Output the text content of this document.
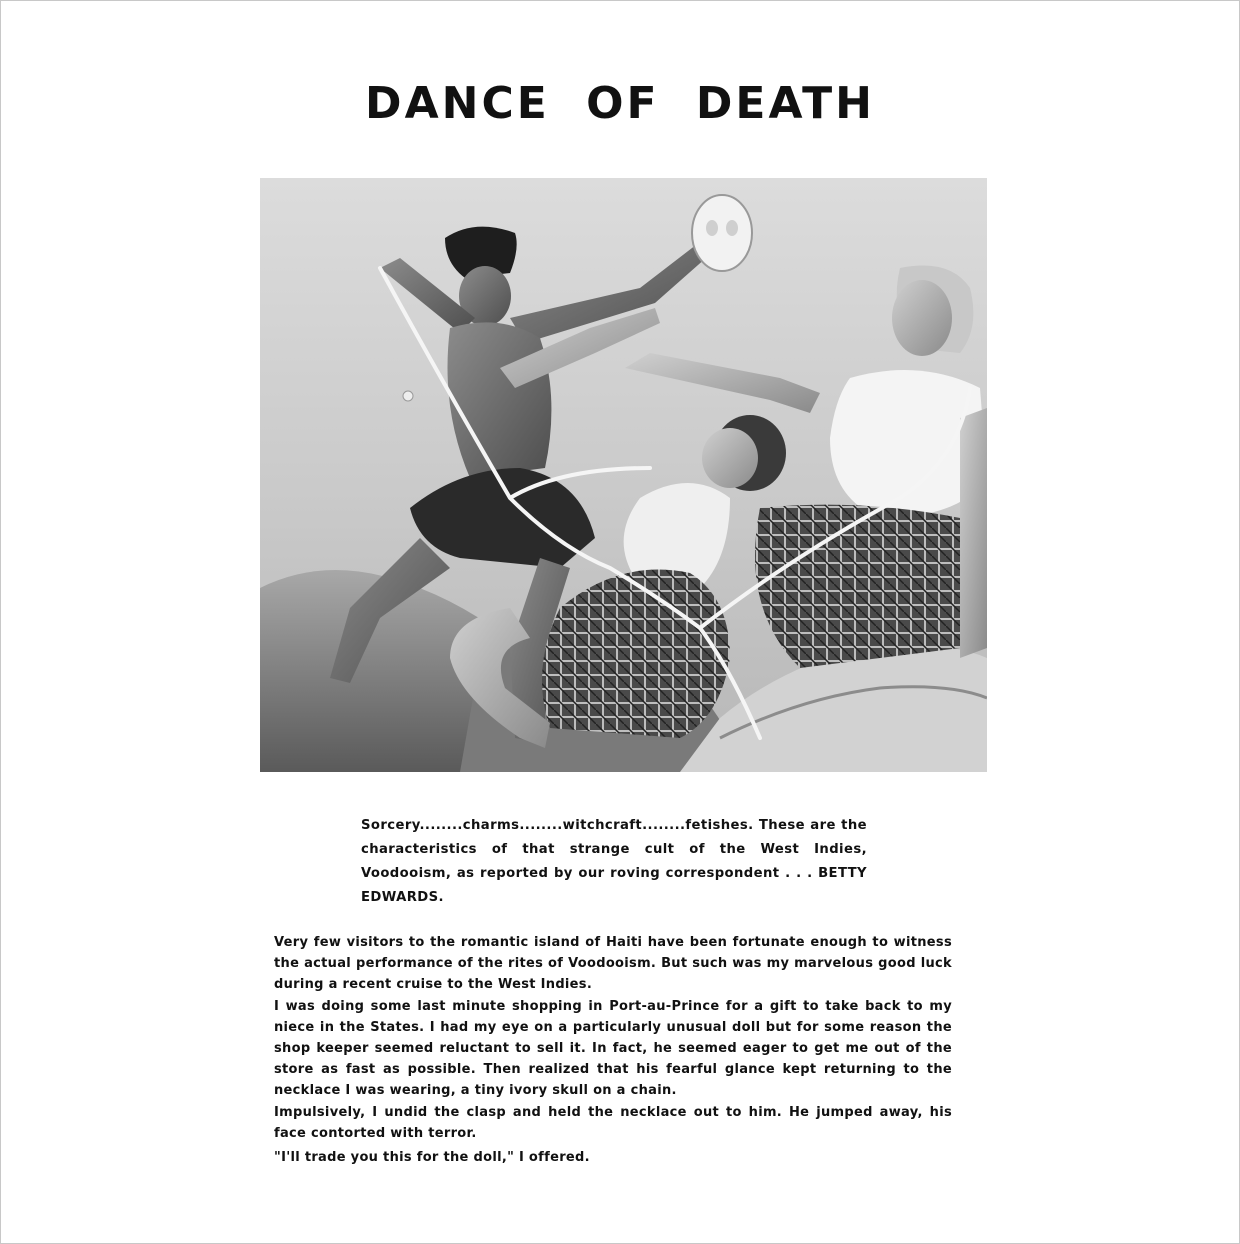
DANCE OF DEATH
Sorcery........charms........witchcraft........fetishes. These are the characteristics of that strange cult of the West Indies, Voodooism, as reported by our roving correspondent . . . BETTY EDWARDS.

Very few visitors to the romantic island of Haiti have been fortunate enough to witness the actual performance of the rites of Voodooism. But such was my marvelous good luck during a recent cruise to the West Indies.

I was doing some last minute shopping in Port-au-Prince for a gift to take back to my niece in the States. I had my eye on a particularly unusual doll but for some reason the shop keeper seemed reluctant to sell it. In fact, he seemed eager to get me out of the store as fast as possible. Then realized that his fearful glance kept returning to the necklace I was wearing, a tiny ivory skull on a chain.

Impulsively, I undid the clasp and held the necklace out to him. He jumped away, his face contorted with terror.

"I'll trade you this for the doll," I offered.
